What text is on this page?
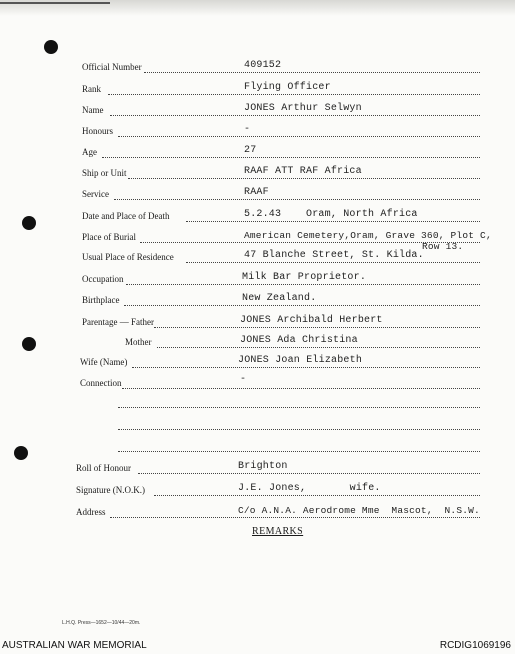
Official Number	409152
Rank	Flying Officer
Name	JONES Arthur Selwyn
Honours	-
Age	27
Ship or Unit	RAAF ATT RAF Africa
Service	RAAF
Date and Place of Death	5.2.43    Oram, North Africa
Place of Burial	American Cemetery,Oram, Grave 360, Plot C,
Row 13.
Usual Place of Residence	47 Blanche Street, St. Kilda.
Occupation	Milk Bar Proprietor.
Birthplace	New Zealand.
Parentage — Father	JONES Archibald Herbert
Mother	JONES Ada Christina
Wife (Name)	JONES Joan Elizabeth
Connection	-
Roll of Honour	Brighton
Signature (N.O.K.)	J.E. Jones,       wife.
Address	C/o A.N.A. Aerodrome Mme  Mascot,  N.S.W.
REMARKS
L.H.Q. Press—1652—10/44—20m.
AUSTRALIAN WAR MEMORIAL	RCDIG1069196
